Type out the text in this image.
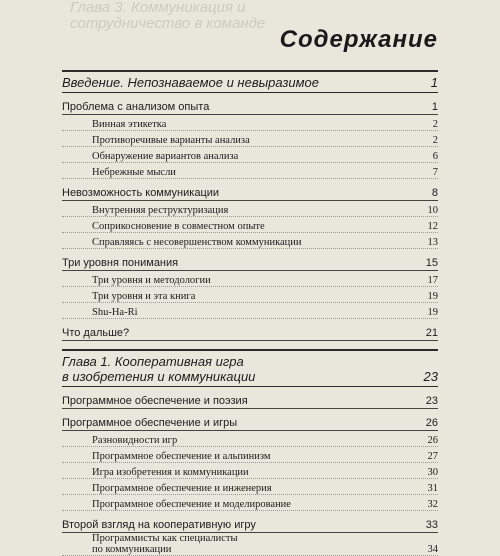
Глава 3. Коммуникация и сотрудничество в команде
Содержание
Введение. Непознаваемое и невыразимое	1
Проблема с анализом опыта	1
Винная этикетка	2
Противоречивые варианты анализа	2
Обнаружение вариантов анализа	6
Небрежные мысли	7
Невозможность коммуникации	8
Внутренняя реструктуризация	10
Соприкосновение в совместном опыте	12
Справляясь с несовершенством коммуникации	13
Три уровня понимания	15
Три уровня и методологии	17
Три уровня и эта книга	19
Shu-Ha-Ri	19
Что дальше?	21
Глава 1. Кооперативная игра
в изобретения и коммуникации	23
Программное обеспечение и поэзия	23
Программное обеспечение и игры	26
Разновидности игр	26
Программное обеспечение и альпинизм	27
Игра изобретения и коммуникации	30
Программное обеспечение и инженерия	31
Программное обеспечение и моделирование	32
Второй взгляд на кооперативную игру	33
Программисты как специалисты
по коммуникации	34
